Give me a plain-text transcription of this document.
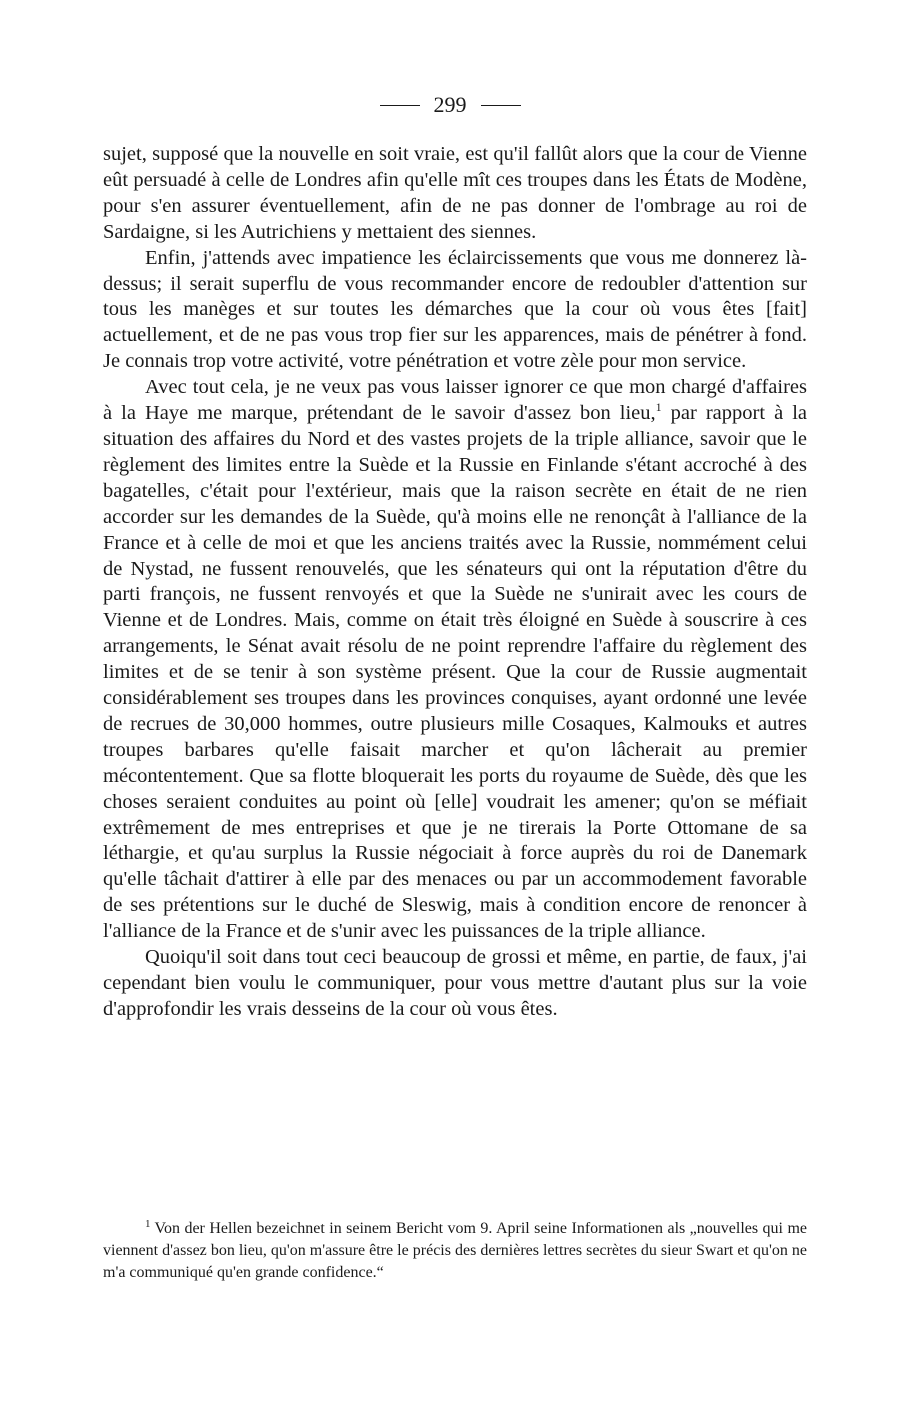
299

sujet, supposé que la nouvelle en soit vraie, est qu'il fallût alors que la cour de Vienne eût persuadé à celle de Londres afin qu'elle mît ces troupes dans les États de Modène, pour s'en assurer éventuellement, afin de ne pas donner de l'ombrage au roi de Sardaigne, si les Autrichiens y mettaient des siennes.

Enfin, j'attends avec impatience les éclaircissements que vous me donnerez là-dessus; il serait superflu de vous recommander encore de redoubler d'attention sur tous les manèges et sur toutes les démarches que la cour où vous êtes [fait] actuellement, et de ne pas vous trop fier sur les apparences, mais de pénétrer à fond. Je connais trop votre activité, votre pénétration et votre zèle pour mon service.

Avec tout cela, je ne veux pas vous laisser ignorer ce que mon chargé d'affaires à la Haye me marque, prétendant de le savoir d'assez bon lieu,$^1$ par rapport à la situation des affaires du Nord et des vastes projets de la triple alliance, savoir que le règlement des limites entre la Suède et la Russie en Finlande s'étant accroché à des bagatelles, c'était pour l'extérieur, mais que la raison secrète en était de ne rien accorder sur les demandes de la Suède, qu'à moins elle ne renonçât à l'alliance de la France et à celle de moi et que les anciens traités avec la Russie, nommément celui de Nystad, ne fussent renouvelés, que les sénateurs qui ont la réputation d'être du parti françois, ne fussent renvoyés et que la Suède ne s'unirait avec les cours de Vienne et de Londres. Mais, comme on était très éloigné en Suède à souscrire à ces arrangements, le Sénat avait résolu de ne point reprendre l'affaire du règlement des limites et de se tenir à son système présent. Que la cour de Russie augmentait considérablement ses troupes dans les provinces conquises, ayant ordonné une levée de recrues de 30,000 hommes, outre plusieurs mille Cosaques, Kalmouks et autres troupes barbares qu'elle faisait marcher et qu'on lâcherait au premier mécontentement. Que sa flotte bloquerait les ports du royaume de Suède, dès que les choses seraient conduites au point où [elle] voudrait les amener; qu'on se méfiait extrêmement de mes entreprises et que je ne tirerais la Porte Ottomane de sa léthargie, et qu'au surplus la Russie négociait à force auprès du roi de Danemark qu'elle tâchait d'attirer à elle par des menaces ou par un accommodement favorable de ses prétentions sur le duché de Sleswig, mais à condition encore de renoncer à l'alliance de la France et de s'unir avec les puissances de la triple alliance.

Quoiqu'il soit dans tout ceci beaucoup de grossi et même, en partie, de faux, j'ai cependant bien voulu le communiquer, pour vous mettre d'autant plus sur la voie d'approfondir les vrais desseins de la cour où vous êtes.

$^1$ Von der Hellen bezeichnet in seinem Bericht vom 9. April seine Informationen als „nouvelles qui me viennent d'assez bon lieu, qu'on m'assure être le précis des dernières lettres secrètes du sieur Swart et qu'on ne m'a communiqué qu'en grande confidence.“
